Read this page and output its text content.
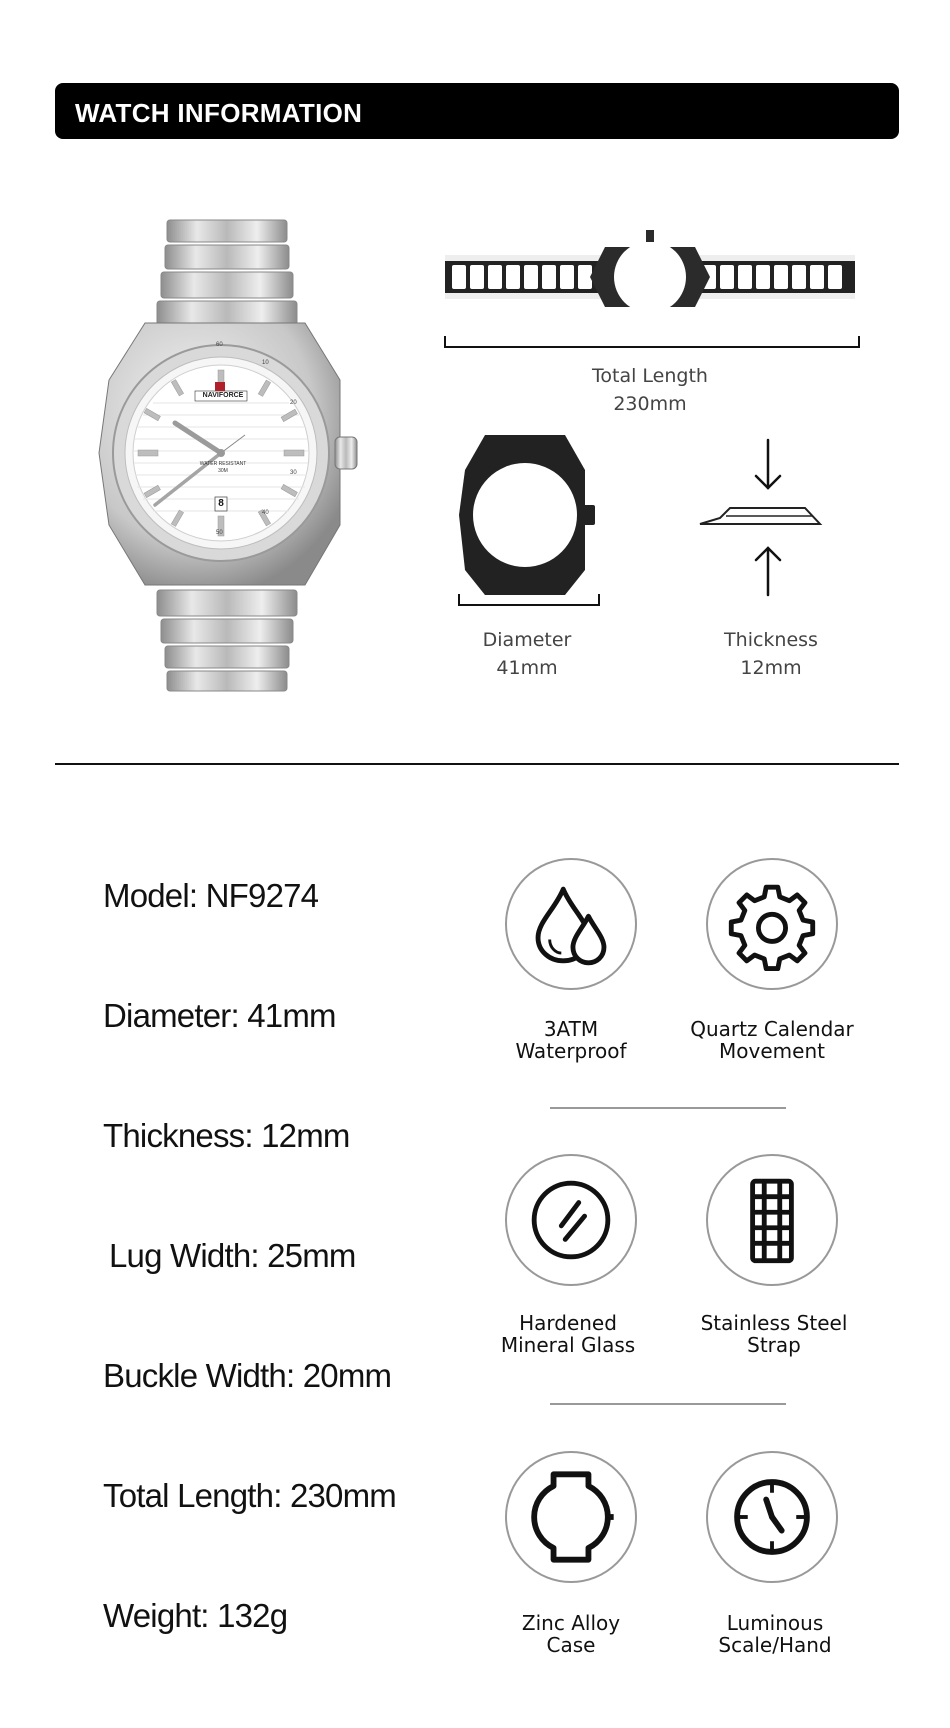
WATCH INFORMATION
NAVIFORCE
WATER RESISTANT
30M
8
60
10
20
30
40
50
Total Length
230mm
Diameter
41mm
Thickness
12mm
Model: NF9274
Diameter: 41mm
Thickness: 12mm
Lug Width: 25mm
Buckle Width: 20mm
Total Length: 230mm
Weight: 132g
3ATM
Waterproof
Quartz Calendar
Movement
Hardened
Mineral Glass
Stainless Steel
Strap
Zinc Alloy
Case
Luminous
Scale/Hand
